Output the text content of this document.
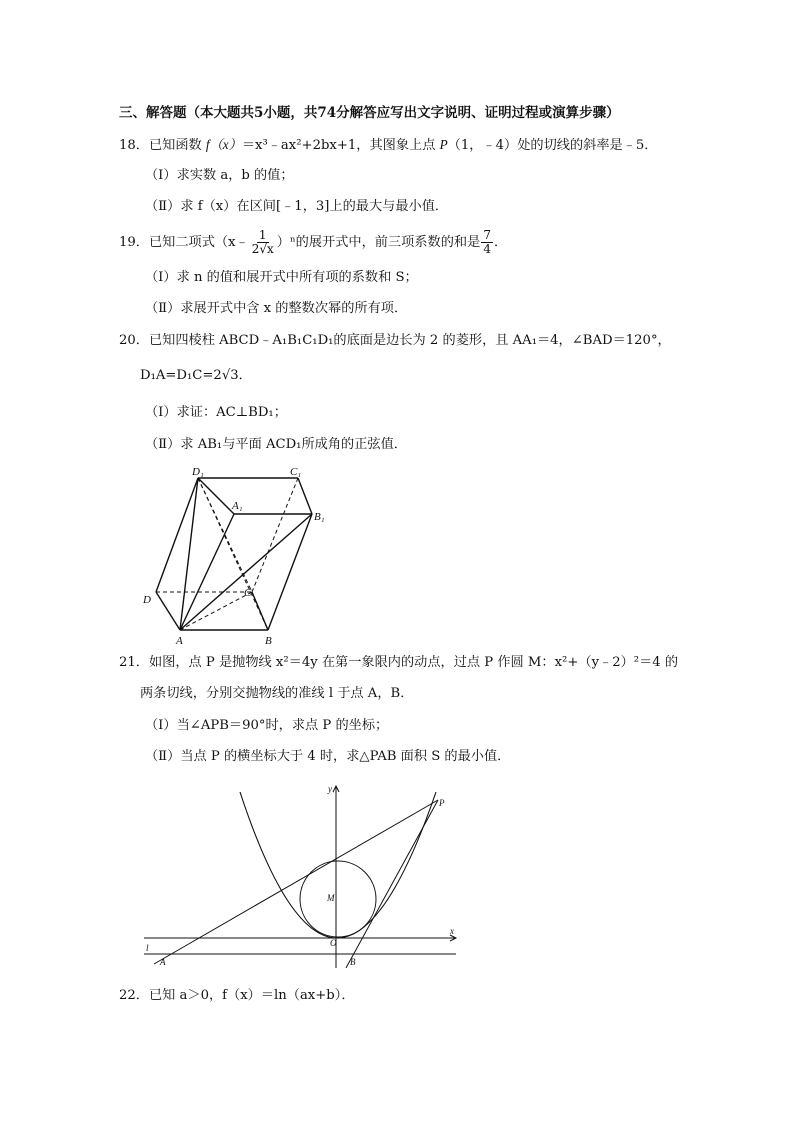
三、解答题（本大题共5小题，共74分解答应写出文字说明、证明过程或演算步骤）
18．已知函数 f（x）＝x³﹣ax²+2bx+1，其图象上点 P（1，﹣4）处的切线的斜率是﹣5．
（Ⅰ）求实数 a，b 的值；
（Ⅱ）求 f（x）在区间[﹣1，3]上的最大与最小值．
19．已知二项式（x﹣ $\frac{1}{2√x} )^n$的展开式中，前三项系数的和是 $\frac{7}{4}$ ．
（Ⅰ）求 n 的值和展开式中所有项的系数和 S；
（Ⅱ）求展开式中含 x 的整数次幂的所有项．
20．已知四棱柱 ABCD﹣A₁B₁C₁D₁的底面是边长为 2 的菱形，且 AA₁＝4，∠BAD＝120°，
D₁A=D₁C=2√3．
（Ⅰ）求证：AC⊥BD₁；
（Ⅱ）求 AB₁与平面 ACD₁所成角的正弦值．
D₁	C₁
A₁
B₁
D
C
A	B
21．如图，点 P 是抛物线 x²＝4y 在第一象限内的动点，过点 P 作圆 M：x²+（y﹣2）²＝4 的
两条切线，分别交抛物线的准线 l 于点 A，B．
（Ⅰ）当∠APB＝90°时，求点 P 的坐标；
（Ⅱ）当点 P 的横坐标大于 4 时，求△PAB 面积 S 的最小值．
y
x
P
M
O
l
A	B
22．已知 a＞0，f（x）＝ln（ax+b）．
